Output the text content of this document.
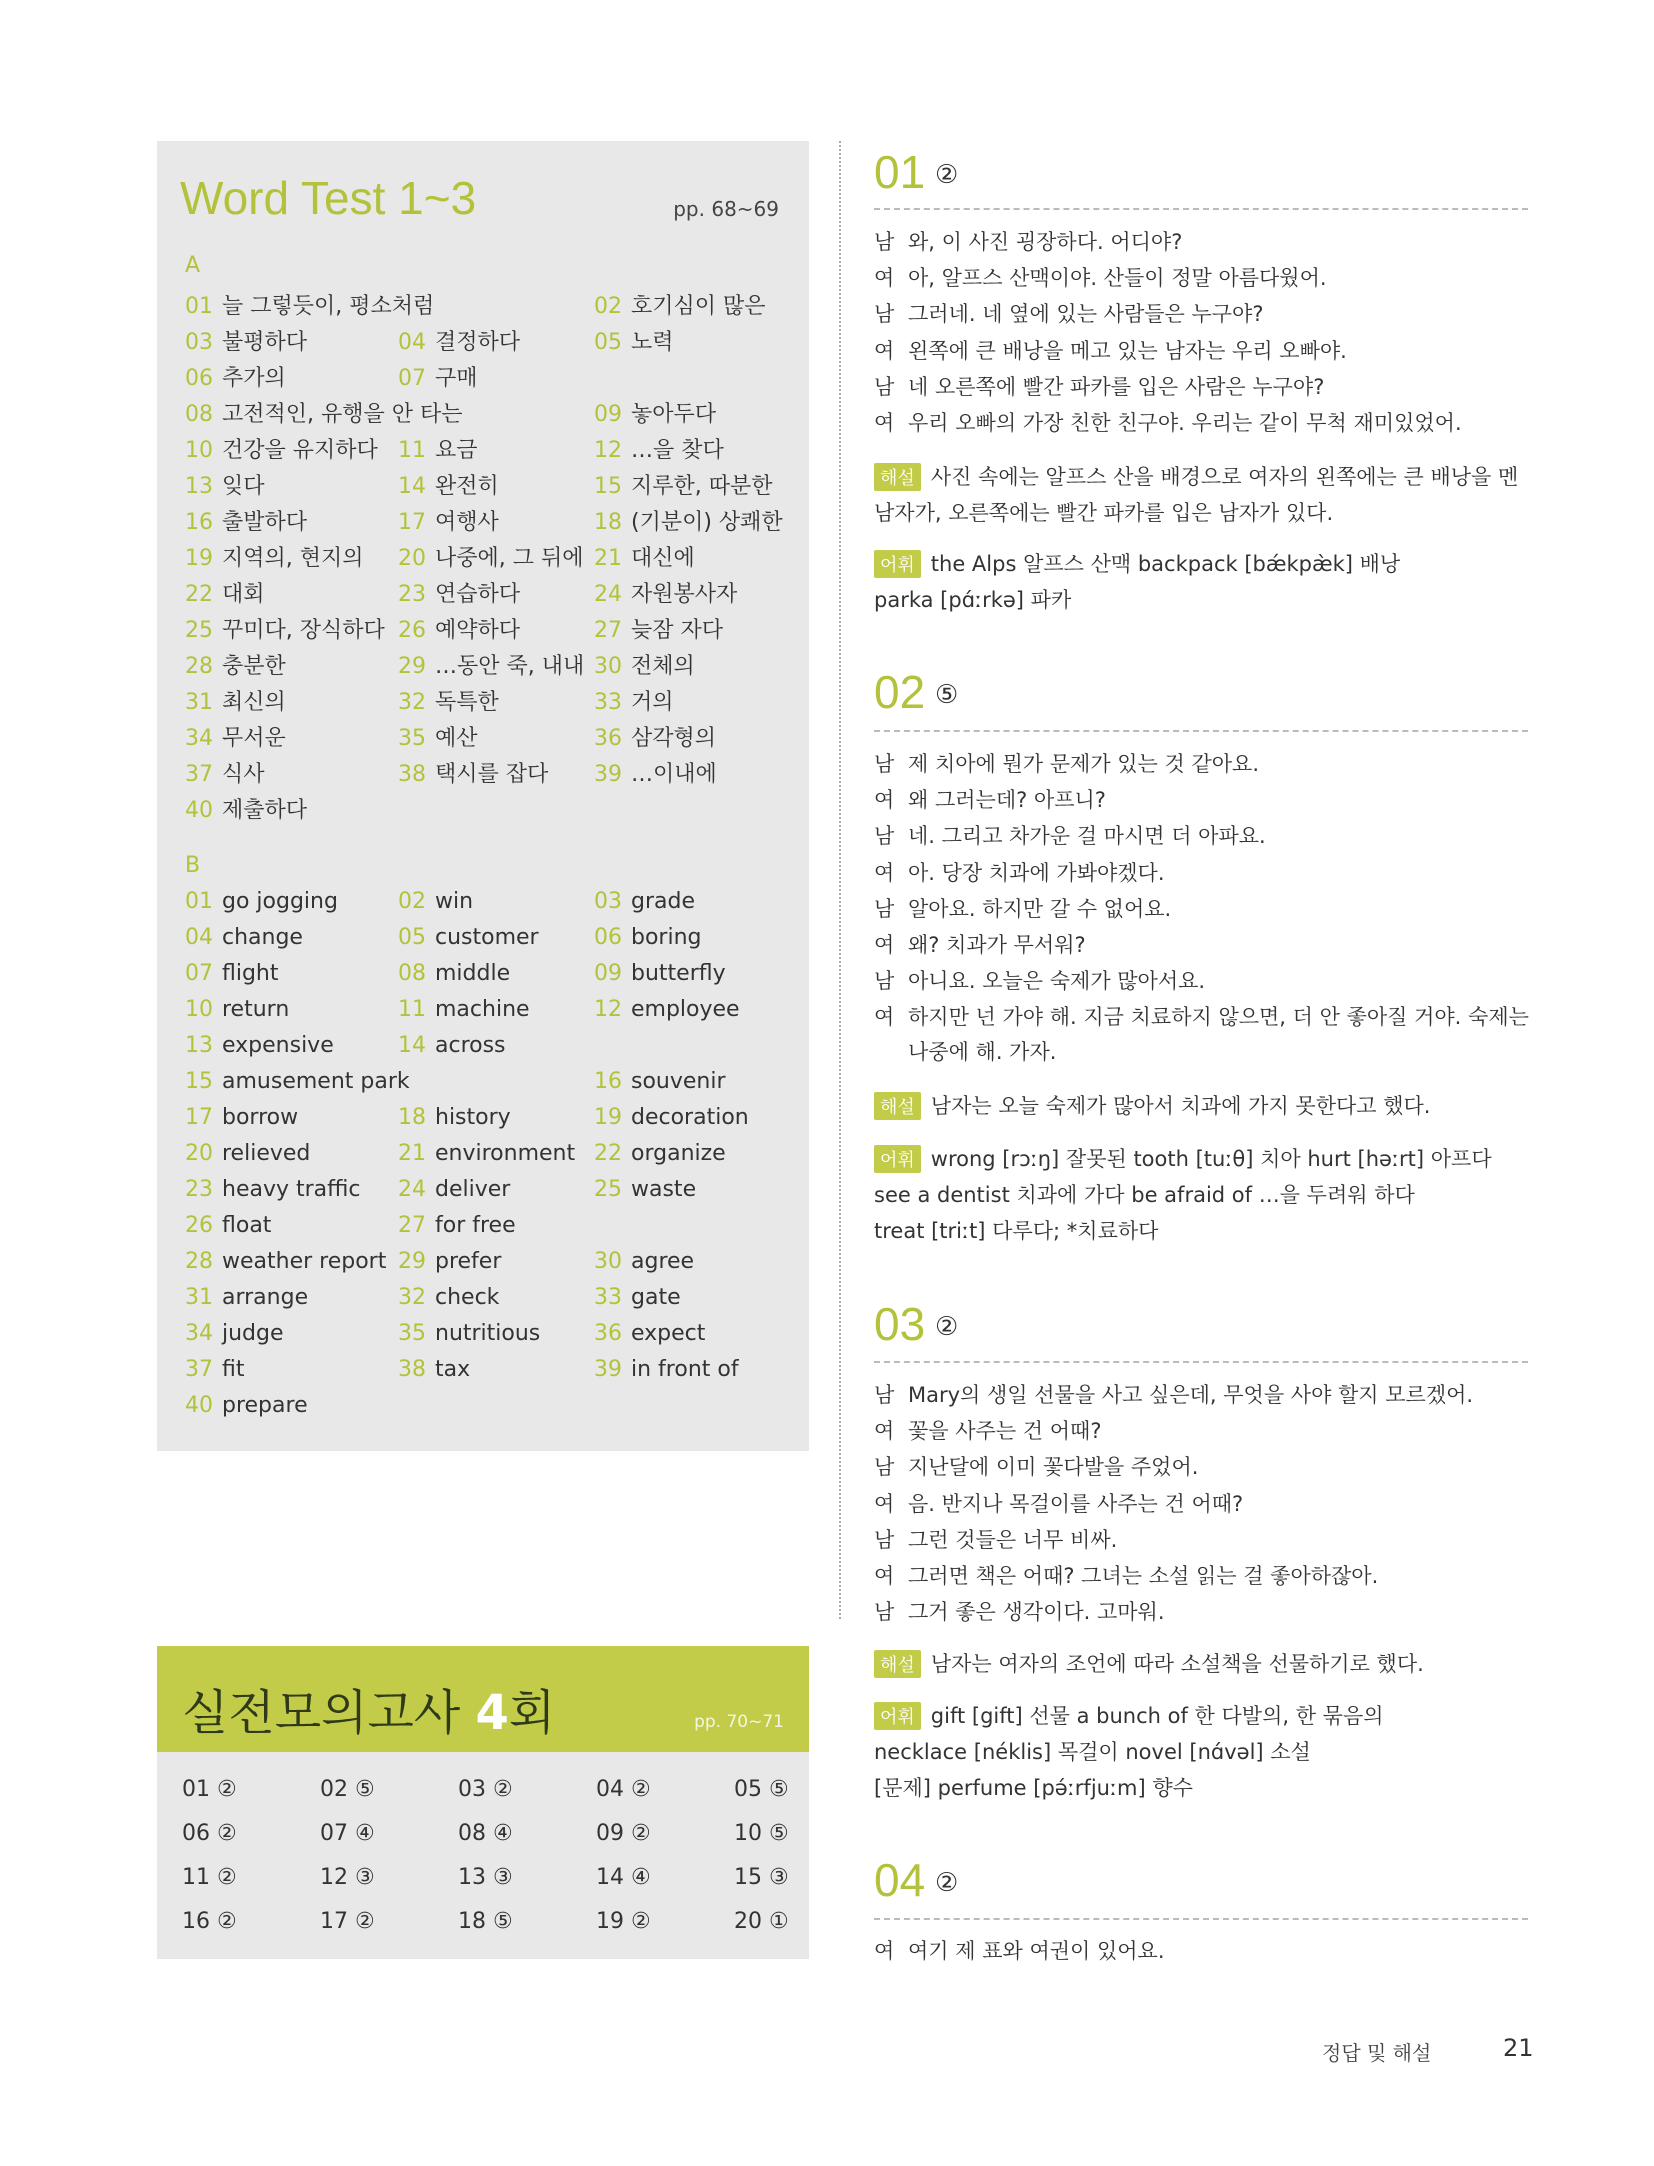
Word Test 1~3	pp. 68~69
A
01 늘 그렇듯이, 평소처럼	02 호기심이 많은
03 불평하다	04 결정하다	05 노력
06 추가의	07 구매
08 고전적인, 유행을 안 타는	09 놓아두다
10 건강을 유지하다 11 요금	12 …을 찾다
13 잊다	14 완전히	15 지루한, 따분한
16 출발하다	17 여행사	18 (기분이) 상쾌한
19 지역의, 현지의 20 나중에, 그 뒤에 21 대신에
22 대회	23 연습하다	24 자원봉사자
25 꾸미다, 장식하다 26 예약하다	27 늦잠 자다
28 충분한	29 …동안 죽, 내내 30 전체의
31 최신의	32 독특한	33 거의
34 무서운	35 예산	36 삼각형의
37 식사	38 택시를 잡다 39 …이내에
40 제출하다
B
01 go jogging	02 win	03 grade
04 change	05 customer	06 boring
07 flight	08 middle	09 butterfly
10 return	11 machine	12 employee
13 expensive	14 across
15 amusement park	16 souvenir
17 borrow	18 history	19 decoration
20 relieved	21 environment 22 organize
23 heavy traffic 24 deliver	25 waste
26 float	27 for free
28 weather report 29 prefer	30 agree
31 arrange	32 check	33 gate
34 judge	35 nutritious 36 expect
37 fit	38 tax	39 in front of
40 prepare
실전모의고사 4회	pp. 70~71
01 ②	02 ⑤	03 ②	04 ②	05 ⑤
06 ②	07 ④	08 ④	09 ②	10 ⑤
11 ②	12 ③	13 ③	14 ④	15 ③
16 ②	17 ②	18 ⑤	19 ②	20 ①
01 ②
남 와, 이 사진 굉장하다. 어디야?
여 아, 알프스 산맥이야. 산들이 정말 아름다웠어.
남 그러네. 네 옆에 있는 사람들은 누구야?
여 왼쪽에 큰 배낭을 메고 있는 남자는 우리 오빠야.
남 네 오른쪽에 빨간 파카를 입은 사람은 누구야?
여 우리 오빠의 가장 친한 친구야. 우리는 같이 무척 재미있었어.
해설 사진 속에는 알프스 산을 배경으로 여자의 왼쪽에는 큰 배낭을 멘
남자가, 오른쪽에는 빨간 파카를 입은 남자가 있다.
어휘 the Alps 알프스 산맥 backpack [bǽkpæ̀k] 배낭
parka [pɑ́ːrkə] 파카
02 ⑤
남 제 치아에 뭔가 문제가 있는 것 같아요.
여 왜 그러는데? 아프니?
남 네. 그리고 차가운 걸 마시면 더 아파요.
여 아. 당장 치과에 가봐야겠다.
남 알아요. 하지만 갈 수 없어요.
여 왜? 치과가 무서워?
남 아니요. 오늘은 숙제가 많아서요.
여 하지만 넌 가야 해. 지금 치료하지 않으면, 더 안 좋아질 거야. 숙제는
나중에 해. 가자.
해설 남자는 오늘 숙제가 많아서 치과에 가지 못한다고 했다.
어휘 wrong [rɔːŋ] 잘못된 tooth [tuːθ] 치아 hurt [həːrt] 아프다
see a dentist 치과에 가다 be afraid of …을 두려워 하다
treat [triːt] 다루다; *치료하다
03 ②
남 Mary의 생일 선물을 사고 싶은데, 무엇을 사야 할지 모르겠어.
여 꽃을 사주는 건 어때?
남 지난달에 이미 꽃다발을 주었어.
여 음. 반지나 목걸이를 사주는 건 어때?
남 그런 것들은 너무 비싸.
여 그러면 책은 어때? 그녀는 소설 읽는 걸 좋아하잖아.
남 그거 좋은 생각이다. 고마워.
해설 남자는 여자의 조언에 따라 소설책을 선물하기로 했다.
어휘 gift [gift] 선물 a bunch of 한 다발의, 한 묶음의
necklace [néklis] 목걸이 novel [nɑ́vəl] 소설
[문제] perfume [pə́ːrfjuːm] 향수
04 ②
여 여기 제 표와 여권이 있어요.
정답 및 해설	21
